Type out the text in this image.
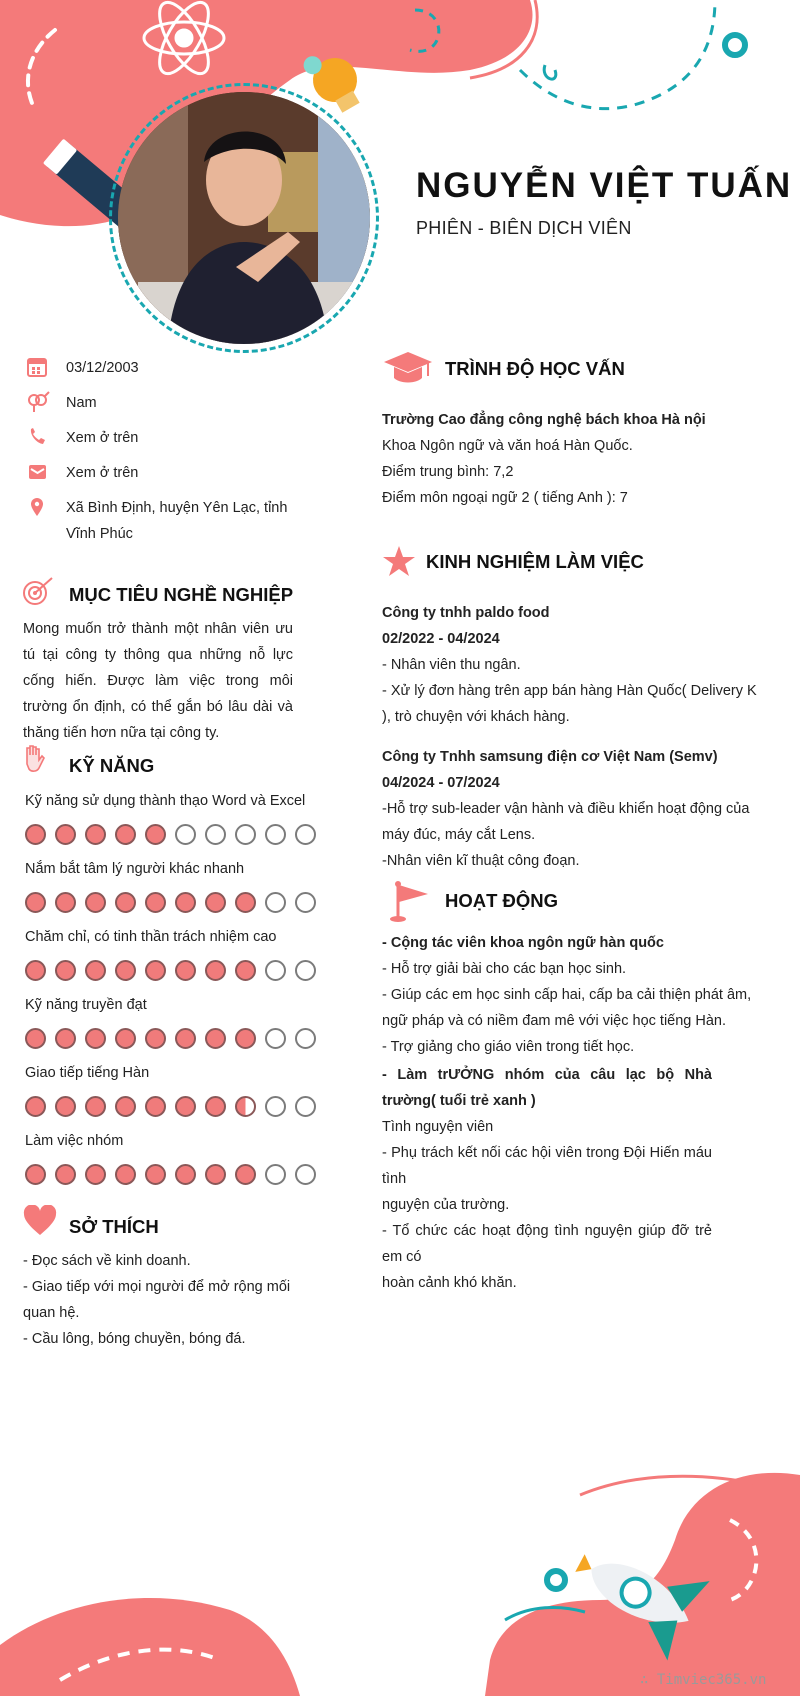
NGUYỄN VIỆT TUẤN
PHIÊN - BIÊN DỊCH VIÊN
03/12/2003
Nam
Xem ở trên
Xem ở trên
Xã Bình Định, huyện Yên Lạc, tỉnh Vĩnh Phúc
MỤC TIÊU NGHỀ NGHIỆP
Mong muốn trở thành một nhân viên ưu tú tại công ty thông qua những nỗ lực cống hiến. Được làm việc trong môi trường ổn định, có thể gắn bó lâu dài và thăng tiến hơn nữa tại công ty.
KỸ NĂNG
Kỹ năng sử dụng thành thạo Word và Excel
Nắm bắt tâm lý người khác nhanh
Chăm chỉ, có tinh thần trách nhiệm cao
Kỹ năng truyền đạt
Giao tiếp tiếng Hàn
Làm việc nhóm
SỞ THÍCH

- Đọc sách về kinh doanh.

- Giao tiếp với mọi người để mở rộng mối quan hệ.

- Cầu lông, bóng chuyền, bóng đá.

TRÌNH ĐỘ HỌC VẤN

Trường Cao đẳng công nghệ bách khoa Hà nội

Khoa Ngôn ngữ và văn hoá Hàn Quốc.

Điểm trung bình: 7,2

Điểm môn ngoại ngữ 2 ( tiếng Anh ): 7

KINH NGHIỆM LÀM VIỆC

Công ty tnhh paldo food

02/2022 - 04/2024

- Nhân viên thu ngân.

- Xử lý đơn hàng trên app bán hàng Hàn Quốc( Delivery K

), trò chuyện với khách hàng.

Công ty Tnhh samsung điện cơ Việt Nam (Semv)

04/2024 - 07/2024

-Hỗ trợ sub-leader vận hành và điều khiển hoạt động của

máy đúc, máy cắt Lens.

-Nhân viên kĩ thuật công đoạn.

HOẠT ĐỘNG

- Cộng tác viên khoa ngôn ngữ hàn quốc

- Hỗ trợ giải bài cho các bạn học sinh.

- Giúp các em học sinh cấp hai, cấp ba cải thiện phát âm,

ngữ pháp và có niềm đam mê với việc học tiếng Hàn.

- Trợ giảng cho giáo viên trong tiết học.

- Làm trƯỞNG nhóm của câu lạc bộ Nhà trường( tuổi trẻ xanh )

Tình nguyện viên

- Phụ trách kết nối các hội viên trong Đội Hiến máu tình

nguyện của trường.

- Tổ chức các hoạt động tình nguyện giúp đỡ trẻ em có

hoàn cảnh khó khăn.

∴ Timviec365.vn
